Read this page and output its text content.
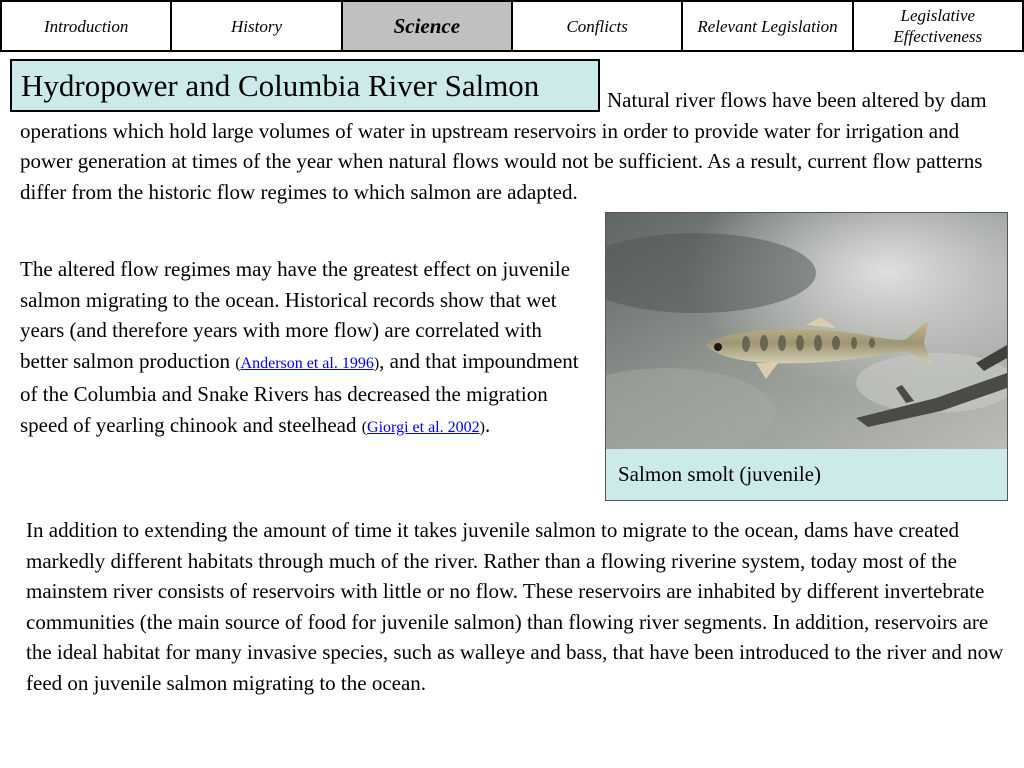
Introduction	History	Science	Conflicts	Relevant Legislation
Legislative Effectiveness

Natural river flows have been altered by dam operations which hold large volumes of water in upstream reservoirs in order to provide water for irrigation and power generation at times of the year when natural flows would not be sufficient. As a result, current flow patterns differ from the historic flow regimes to which salmon are adapted.

Hydropower and Columbia River Salmon

The altered flow regimes may have the greatest effect on juvenile salmon migrating to the ocean. Historical records show that wet years (and therefore years with more flow) are correlated with better salmon production (Anderson et al. 1996), and that impoundment of the Columbia and Snake Rivers has decreased the migration speed of yearling chinook and steelhead (Giorgi et al. 2002).

Salmon smolt (juvenile)

In addition to extending the amount of time it takes juvenile salmon to migrate to the ocean, dams have created markedly different habitats through much of the river. Rather than a flowing riverine system, today most of the mainstem river consists of reservoirs with little or no flow. These reservoirs are inhabited by different invertebrate communities (the main source of food for juvenile salmon) than flowing river segments. In addition, reservoirs are the ideal habitat for many invasive species, such as walleye and bass, that have been introduced to the river and now feed on juvenile salmon migrating to the ocean.
